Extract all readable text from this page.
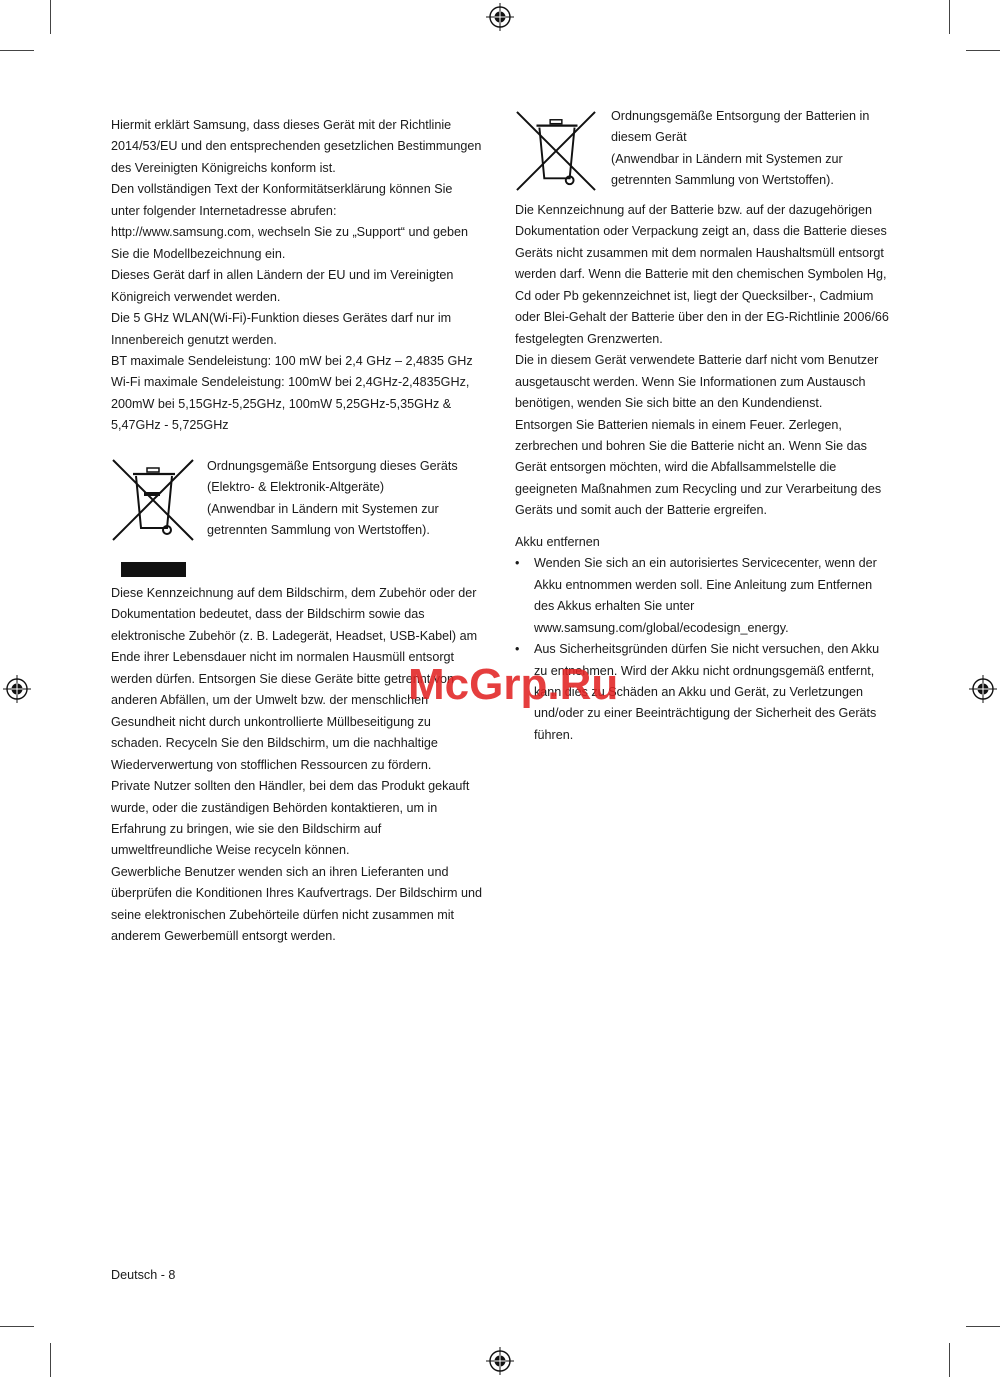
Hiermit erklärt Samsung, dass dieses Gerät mit der Richtlinie 2014/53/EU und den entsprechenden gesetzlichen Bestimmungen des Vereinigten Königreichs konform ist.

Den vollständigen Text der Konformitätserklärung können Sie unter folgender Internetadresse abrufen:

http://www.samsung.com, wechseln Sie zu „Support“ und geben Sie die Modellbezeichnung ein.

Dieses Gerät darf in allen Ländern der EU und im Vereinigten Königreich verwendet werden.

Die 5 GHz WLAN(Wi-Fi)-Funktion dieses Gerätes darf nur im Innenbereich genutzt werden.

BT maximale Sendeleistung: 100 mW bei 2,4 GHz – 2,4835 GHz

Wi-Fi maximale Sendeleistung: 100mW bei 2,4GHz-2,4835GHz, 200mW bei 5,15GHz-5,25GHz, 100mW 5,25GHz-5,35GHz & 5,47GHz - 5,725GHz

Ordnungsgemäße Entsorgung dieses Geräts

(Elektro- & Elektronik-Altgeräte)

(Anwendbar in Ländern mit Systemen zur getrennten Sammlung von Wertstoffen).

Diese Kennzeichnung auf dem Bildschirm, dem Zubehör oder der Dokumentation bedeutet, dass der Bildschirm sowie das elektronische Zubehör (z. B. Ladegerät, Headset, USB-Kabel) am Ende ihrer Lebensdauer nicht im normalen Hausmüll entsorgt werden dürfen. Entsorgen Sie diese Geräte bitte getrennt von anderen Abfällen, um der Umwelt bzw. der menschlichen Gesundheit nicht durch unkontrollierte Müllbeseitigung zu schaden. Recyceln Sie den Bildschirm, um die nachhaltige Wiederverwertung von stofflichen Ressourcen zu fördern.

Private Nutzer sollten den Händler, bei dem das Produkt gekauft wurde, oder die zuständigen Behörden kontaktieren, um in Erfahrung zu bringen, wie sie den Bildschirm auf umweltfreundliche Weise recyceln können.

Gewerbliche Benutzer wenden sich an ihren Lieferanten und überprüfen die Konditionen Ihres Kaufvertrags. Der Bildschirm und seine elektronischen Zubehörteile dürfen nicht zusammen mit anderem Gewerbemüll entsorgt werden.

Ordnungsgemäße Entsorgung der Batterien in diesem Gerät

(Anwendbar in Ländern mit Systemen zur getrennten Sammlung von Wertstoffen).

Die Kennzeichnung auf der Batterie bzw. auf der dazugehörigen Dokumentation oder Verpackung zeigt an, dass die Batterie dieses Geräts nicht zusammen mit dem normalen Haushaltsmüll entsorgt werden darf. Wenn die Batterie mit den chemischen Symbolen Hg, Cd oder Pb gekennzeichnet ist, liegt der Quecksilber-, Cadmium oder Blei-Gehalt der Batterie über den in der EG-Richtlinie 2006/66 festgelegten Grenzwerten.

Die in diesem Gerät verwendete Batterie darf nicht vom Benutzer ausgetauscht werden. Wenn Sie Informationen zum Austausch benötigen, wenden Sie sich bitte an den Kundendienst.

Entsorgen Sie Batterien niemals in einem Feuer. Zerlegen, zerbrechen und bohren Sie die Batterie nicht an. Wenn Sie das Gerät entsorgen möchten, wird die Abfallsammelstelle die geeigneten Maßnahmen zum Recycling und zur Verarbeitung des Geräts und somit auch der Batterie ergreifen.

Akku entfernen

• Wenden Sie sich an ein autorisiertes Servicecenter, wenn der Akku entnommen werden soll. Eine Anleitung zum Entfernen des Akkus erhalten Sie unter www.samsung.com/global/ecodesign_energy.
• Aus Sicherheitsgründen dürfen Sie nicht versuchen, den Akku zu entnehmen. Wird der Akku nicht ordnungsgemäß entfernt, kann dies zu Schäden an Akku und Gerät, zu Verletzungen und/oder zu einer Beeinträchtigung der Sicherheit des Geräts führen.
McGrp.Ru
Deutsch - 8
